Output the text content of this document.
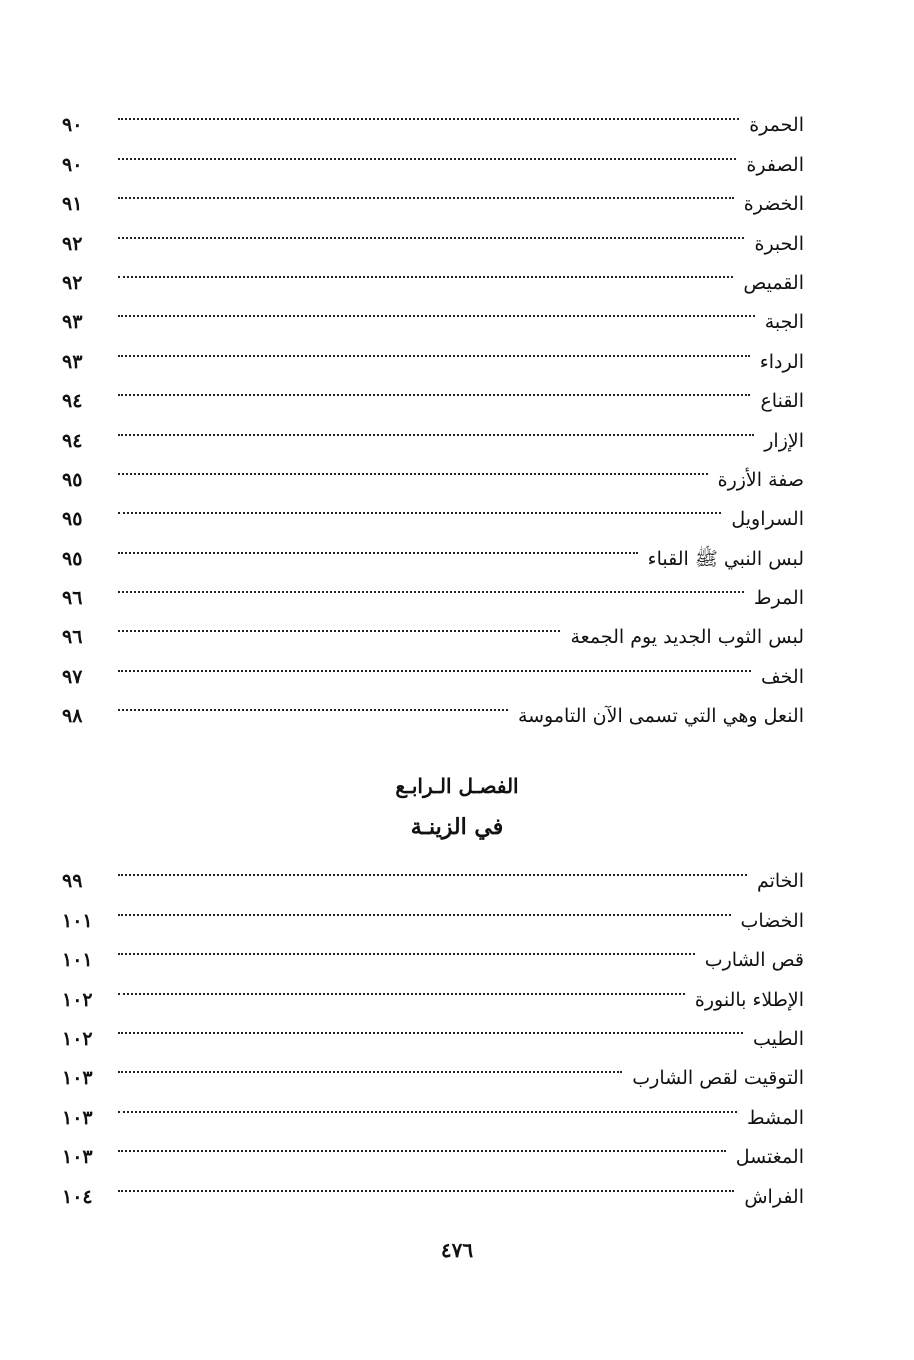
الحمرة
٩٠
الصفرة
٩٠
الخضرة
٩١
الحبرة
٩٢
القميص
٩٢
الجبة
٩٣
الرداء
٩٣
القناع
٩٤
الإزار
٩٤
صفة الأزرة
٩٥
السراويل
٩٥
لبس النبي ﷺ القباء
٩٥
المرط
٩٦
لبس الثوب الجديد يوم الجمعة
٩٦
الخف
٩٧
النعل وهي التي تسمى الآن التاموسة
٩٨
الفصـل الـرابـع
في الزينـة
الخاتم
٩٩
الخضاب
١٠١
قص الشارب
١٠١
الإطلاء بالنورة
١٠٢
الطيب
١٠٢
التوقيت لقص الشارب
١٠٣
المشط
١٠٣
المغتسل
١٠٣
الفراش
١٠٤
٤٧٦
